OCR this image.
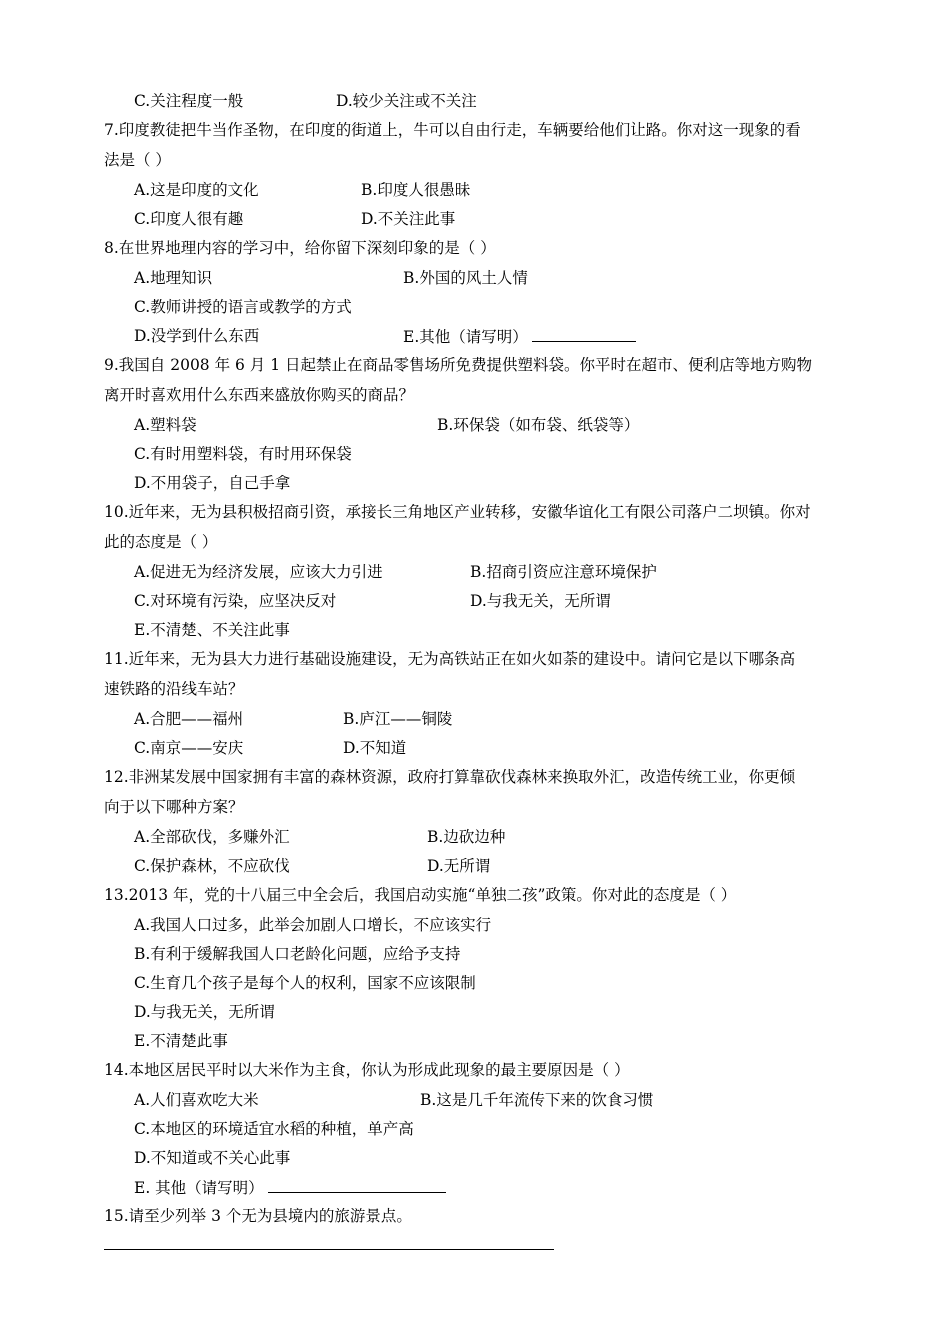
C.关注程度一般	D.较少关注或不关注
7.印度教徒把牛当作圣物，在印度的街道上，牛可以自由行走，车辆要给他们让路。你对这一现象的看
法是（ ）
A.这是印度的文化	B.印度人很愚昧
C.印度人很有趣	D.不关注此事
8.在世界地理内容的学习中，给你留下深刻印象的是（ ）
A.地理知识	B.外国的风土人情
C.教师讲授的语言或教学的方式
D.没学到什么东西	E.其他（请写明）
9.我国自 2008 年 6 月 1 日起禁止在商品零售场所免费提供塑料袋。你平时在超市、便利店等地方购物
离开时喜欢用什么东西来盛放你购买的商品？
A.塑料袋	B.环保袋（如布袋、纸袋等）
C.有时用塑料袋，有时用环保袋
D.不用袋子，自己手拿
10.近年来，无为县积极招商引资，承接长三角地区产业转移，安徽华谊化工有限公司落户二坝镇。你对
此的态度是（ ）
A.促进无为经济发展，应该大力引进	B.招商引资应注意环境保护
C.对环境有污染，应坚决反对	D.与我无关，无所谓
E.不清楚、不关注此事
11.近年来，无为县大力进行基础设施建设，无为高铁站正在如火如荼的建设中。请问它是以下哪条高
速铁路的沿线车站？
A.合肥——福州	B.庐江——铜陵
C.南京——安庆	D.不知道
12.非洲某发展中国家拥有丰富的森林资源，政府打算靠砍伐森林来换取外汇，改造传统工业，你更倾
向于以下哪种方案？
A.全部砍伐，多赚外汇	B.边砍边种
C.保护森林，不应砍伐	D.无所谓
13.2013 年，党的十八届三中全会后，我国启动实施“单独二孩”政策。你对此的态度是（ ）
A.我国人口过多，此举会加剧人口增长，不应该实行
B.有利于缓解我国人口老龄化问题，应给予支持
C.生育几个孩子是每个人的权利，国家不应该限制
D.与我无关，无所谓
E.不清楚此事
14.本地区居民平时以大米作为主食，你认为形成此现象的最主要原因是（ ）
A.人们喜欢吃大米	B.这是几千年流传下来的饮食习惯
C.本地区的环境适宜水稻的种植，单产高
D.不知道或不关心此事
E. 其他（请写明）
15.请至少列举 3 个无为县境内的旅游景点。
